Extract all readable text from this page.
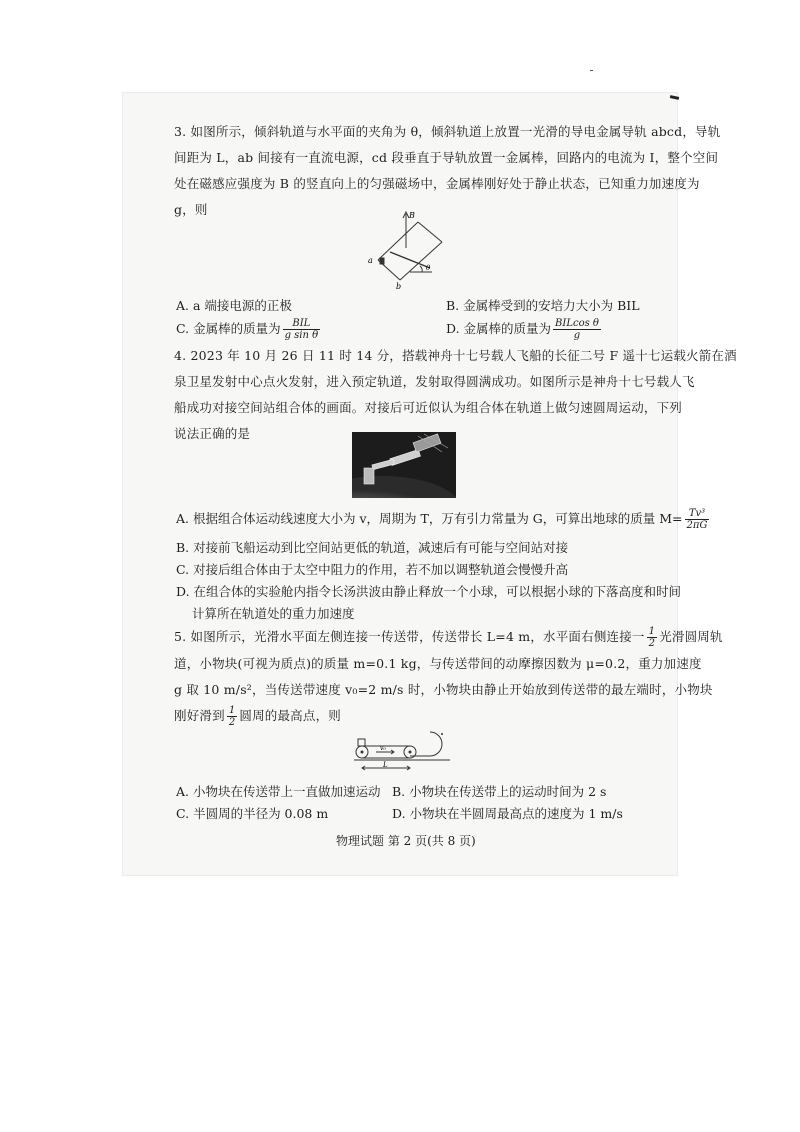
3. 如图所示，倾斜轨道与水平面的夹角为 θ，倾斜轨道上放置一光滑的导电金属导轨 abcd，导轨
间距为 L，ab 间接有一直流电源，cd 段垂直于导轨放置一金属棒，回路内的电流为 I，整个空间
处在磁感应强度为 B 的竖直向上的匀强磁场中，金属棒刚好处于静止状态，已知重力加速度为
g，则	B
a
b
θ
A. a 端接电源的正极	B. 金属棒受到的安培力大小为 BIL
C. 金属棒的质量为 $\frac{\text{BIL}}{\text{g sin θ}}$	D. 金属棒的质量为 $\frac{\text{BILcos θ}}{g}$
4. 2023 年 10 月 26 日 11 时 14 分，搭载神舟十七号载人飞船的长征二号 F 遥十七运载火箭在酒
泉卫星发射中心点火发射，进入预定轨道，发射取得圆满成功。如图所示是神舟十七号载人飞
船成功对接空间站组合体的画面。对接后可近似认为组合体在轨道上做匀速圆周运动，下列
说法正确的是
A. 根据组合体运动线速度大小为 v，周期为 T，万有引力常量为 G，可算出地球的质量 $M= \frac{\text{Tv³}}{2\pi G}$
B. 对接前飞船运动到比空间站更低的轨道，减速后有可能与空间站对接
C. 对接后组合体由于太空中阻力的作用，若不加以调整轨道会慢慢升高
D. 在组合体的实验舱内指令长汤洪波由静止释放一个小球，可以根据小球的下落高度和时间
计算所在轨道处的重力加速度
5. 如图所示，光滑水平面左侧连接一传送带，传送带长 L=4 m，水平面右侧连接一 $\frac{1}{2}$ 光滑圆周轨
道，小物块(可视为质点)的质量 m=0.1 kg，与传送带间的动摩擦因数为 μ=0.2，重力加速度
g 取 10 m/s²，当传送带速度 v₀=2 m/s 时，小物块由静止开始放到传送带的最左端时，小物块
刚好滑到 $\frac{1}{2}$ 圆周的最高点，则
v₀
L
A. 小物块在传送带上一直做加速运动 B. 小物块在传送带上的运动时间为 2 s
C. 半圆周的半径为 0.08 m	D. 小物块在半圆周最高点的速度为 1 m/s
物理试题 第 2 页(共 8 页)
